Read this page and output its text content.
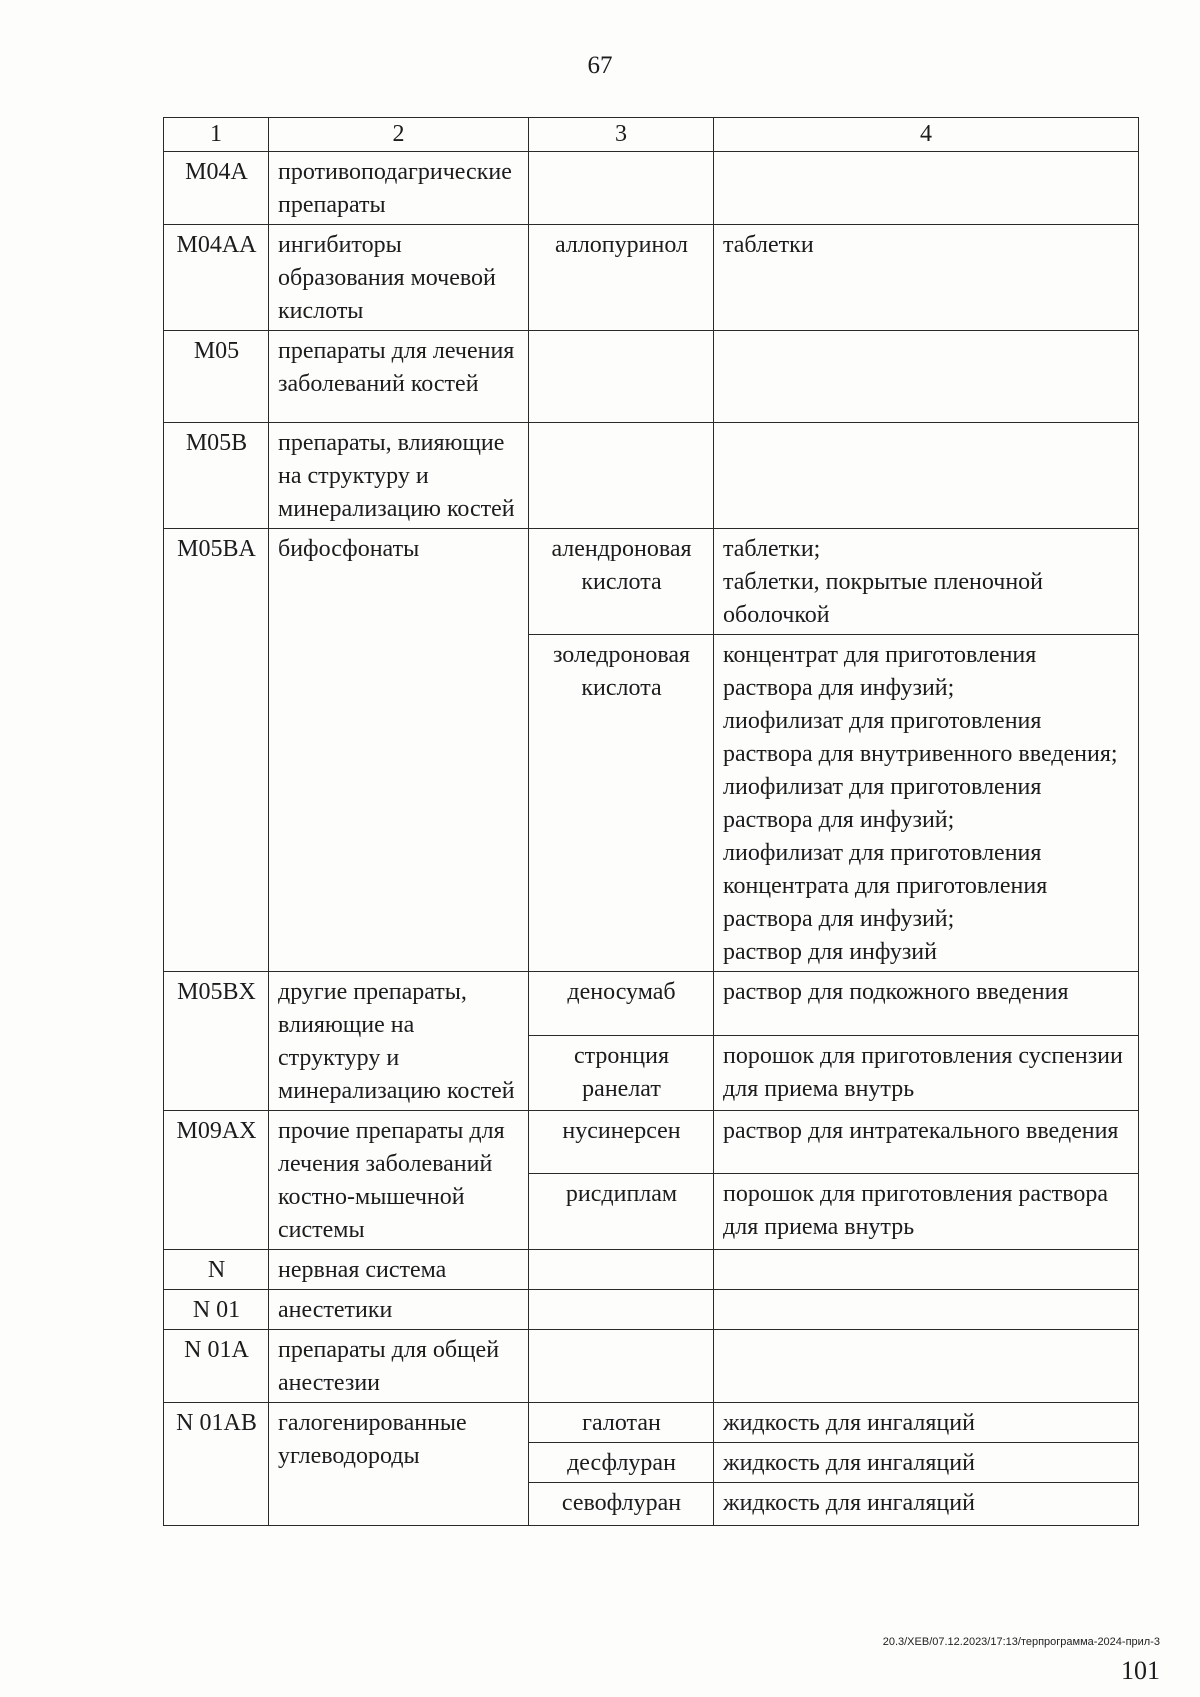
67
1	2	3	4
M04A	противоподагрические препараты		
M04AA	ингибиторы образования мочевой кислоты	аллопуринол	таблетки
M05	препараты для лечения заболеваний костей		
M05B	препараты, влияющие на структуру и минерализацию костей		
M05BA	бифосфонаты	алендроновая кислота	таблетки;
таблетки, покрытые пленочной оболочкой
		золедроновая кислота	концентрат для приготовления раствора для инфузий;
лиофилизат для приготовления раствора для внутривенного введения;
лиофилизат для приготовления раствора для инфузий;
лиофилизат для приготовления концентрата для приготовления раствора для инфузий;
раствор для инфузий
M05BX	другие препараты, влияющие на структуру и минерализацию костей	деносумаб	раствор для подкожного введения
		стронция ранелат	порошок для приготовления суспензии для приема внутрь
M09AX	прочие препараты для лечения заболеваний костно-мышечной системы	нусинерсен	раствор для интратекального введения
		рисдиплам	порошок для приготовления раствора для приема внутрь
N	нервная система		
N 01	анестетики		
N 01A	препараты для общей анестезии		
N 01AB	галогенированные углеводороды	галотан	жидкость для ингаляций
		десфлуран	жидкость для ингаляций
		севофлуран	жидкость для ингаляций
20.3/ХЕВ/07.12.2023/17:13/терпрограмма-2024-прил-3
101
